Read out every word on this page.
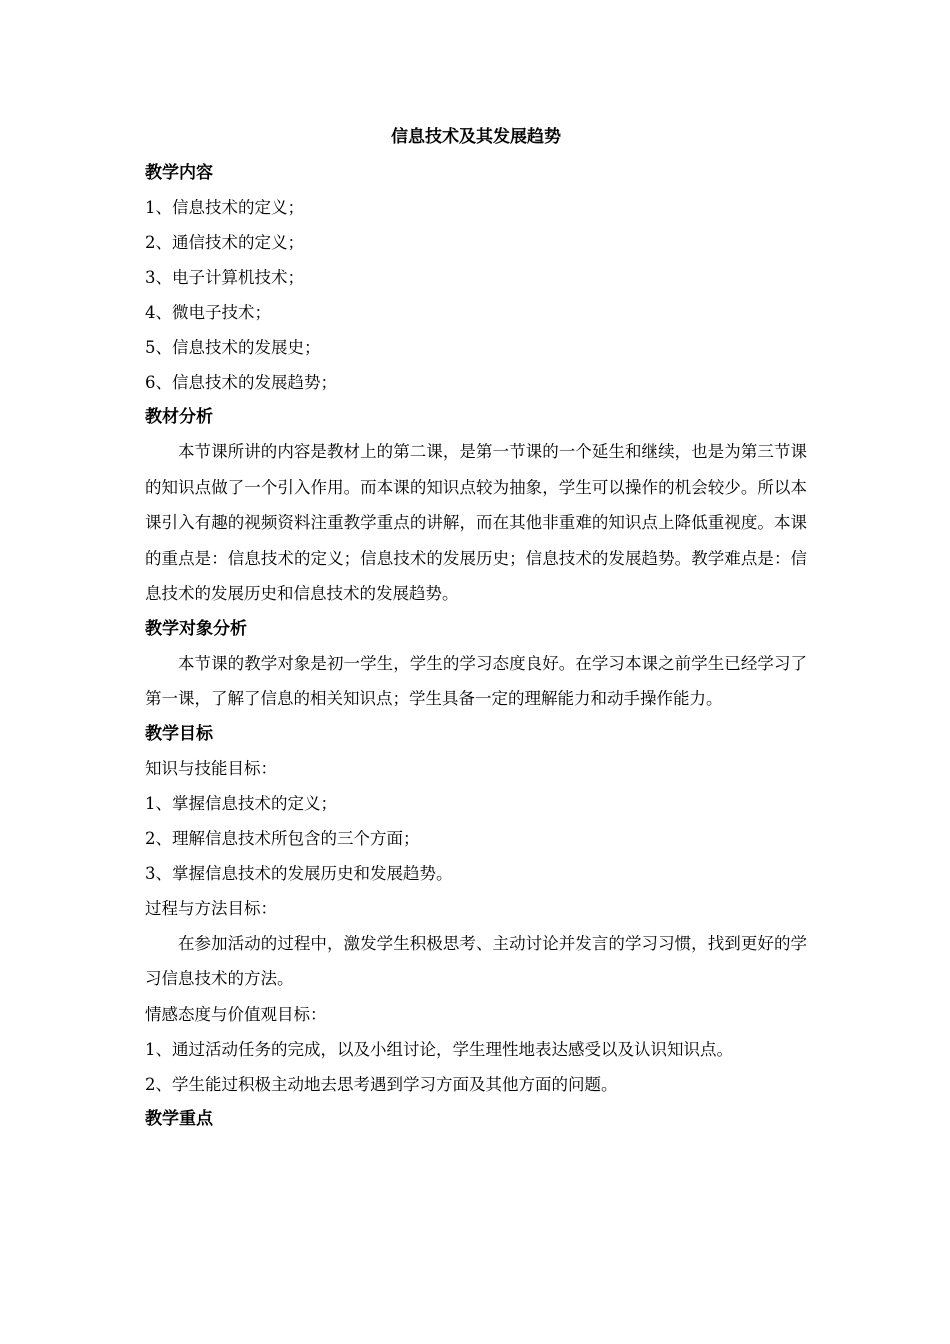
信息技术及其发展趋势
教学内容
1、信息技术的定义；
2、通信技术的定义；
3、电子计算机技术；
4、微电子技术；
5、信息技术的发展史；
6、信息技术的发展趋势；
教材分析

本节课所讲的内容是教材上的第二课，是第一节课的一个延生和继续，也是为第三节课的知识点做了一个引入作用。而本课的知识点较为抽象，学生可以操作的机会较少。所以本课引入有趣的视频资料注重教学重点的讲解，而在其他非重难的知识点上降低重视度。本课的重点是：信息技术的定义；信息技术的发展历史；信息技术的发展趋势。教学难点是：信息技术的发展历史和信息技术的发展趋势。

教学对象分析

本节课的教学对象是初一学生，学生的学习态度良好。在学习本课之前学生已经学习了第一课，了解了信息的相关知识点；学生具备一定的理解能力和动手操作能力。

教学目标
知识与技能目标：
1、掌握信息技术的定义；
2、理解信息技术所包含的三个方面；
3、掌握信息技术的发展历史和发展趋势。
过程与方法目标：

在参加活动的过程中，激发学生积极思考、主动讨论并发言的学习习惯，找到更好的学习信息技术的方法。

情感态度与价值观目标：
1、通过活动任务的完成，以及小组讨论，学生理性地表达感受以及认识知识点。
2、学生能过积极主动地去思考遇到学习方面及其他方面的问题。
教学重点
